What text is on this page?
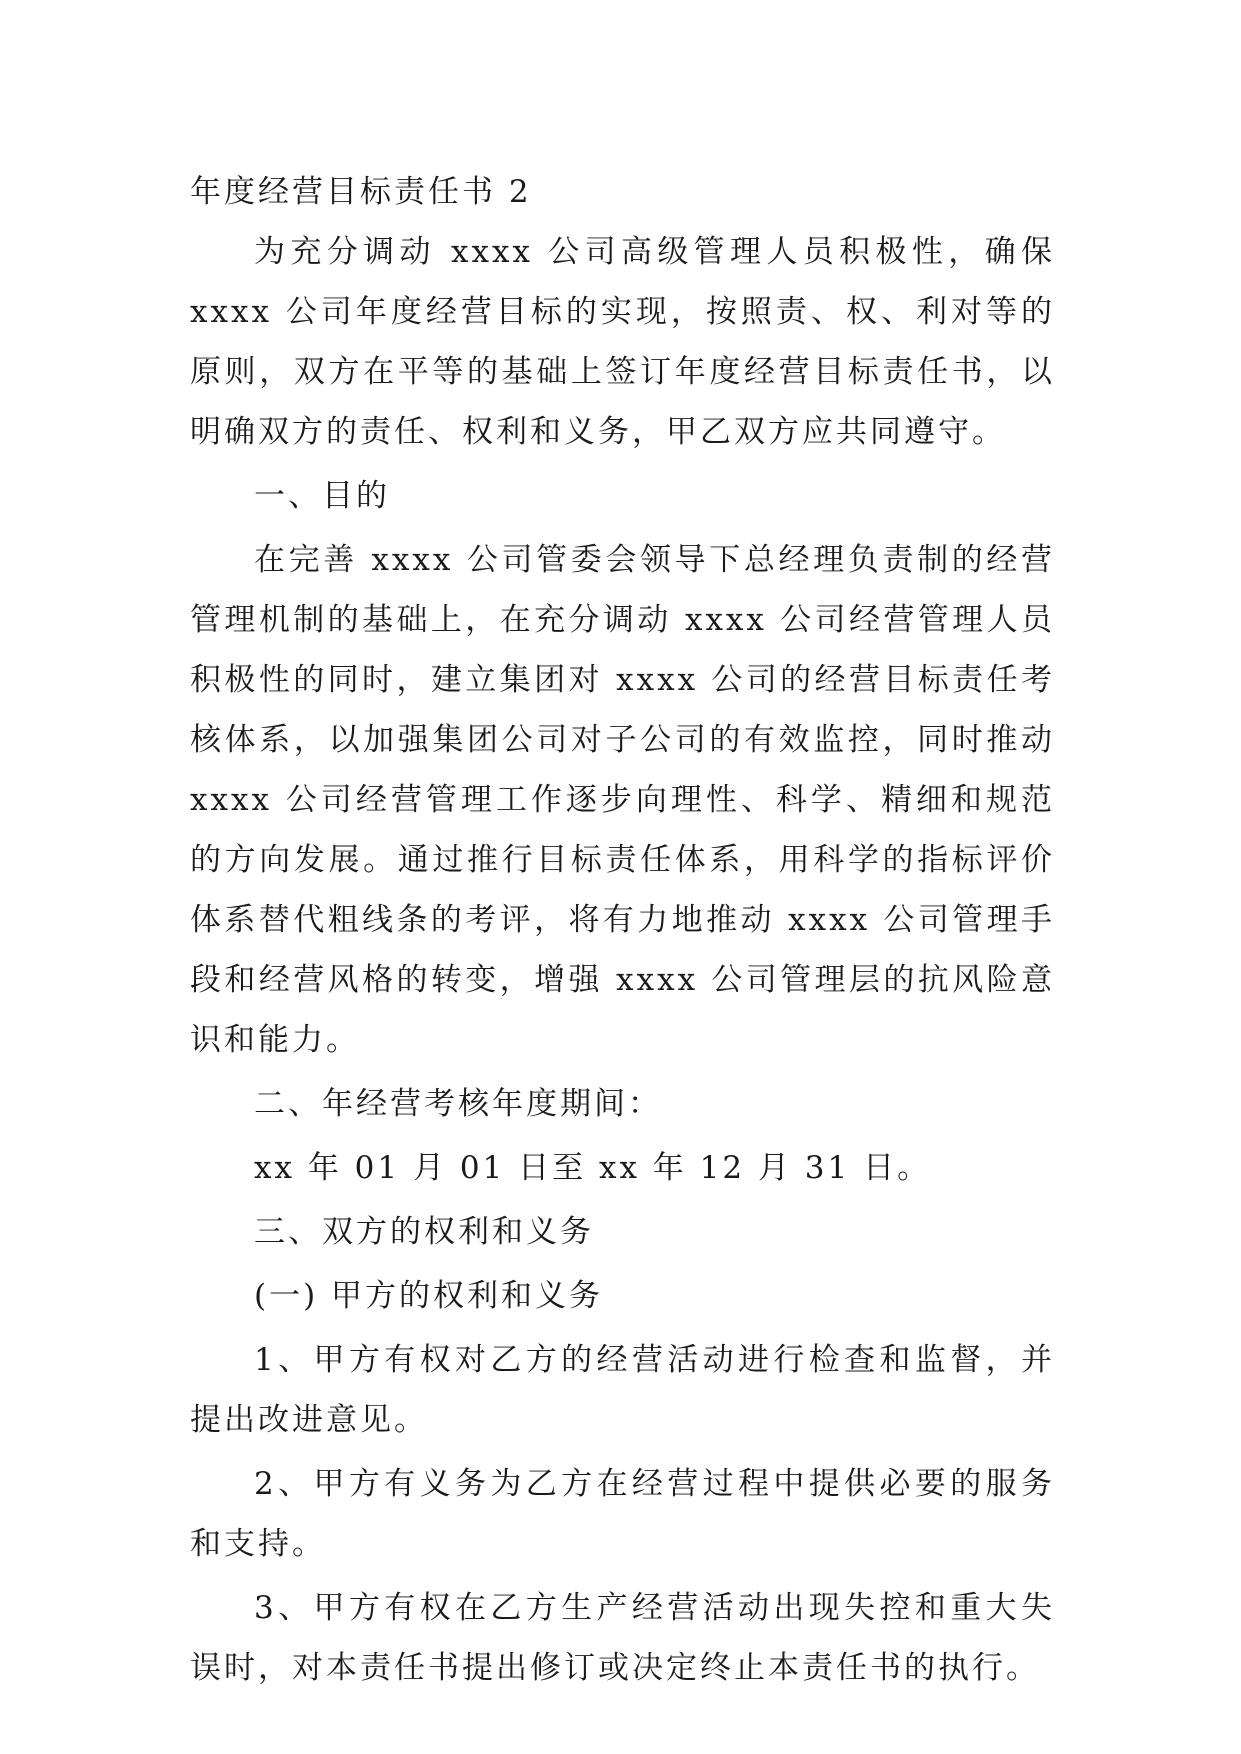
年度经营目标责任书 2

为充分调动 xxxx 公司高级管理人员积极性，确保 xxxx 公司年度经营目标的实现，按照责、权、利对等的原则，双方在平等的基础上签订年度经营目标责任书，以明确双方的责任、权利和义务，甲乙双方应共同遵守。

一、目的

在完善 xxxx 公司管委会领导下总经理负责制的经营管理机制的基础上，在充分调动 xxxx 公司经营管理人员积极性的同时，建立集团对 xxxx 公司的经营目标责任考核体系，以加强集团公司对子公司的有效监控，同时推动 xxxx 公司经营管理工作逐步向理性、科学、精细和规范的方向发展。通过推行目标责任体系，用科学的指标评价体系替代粗线条的考评，将有力地推动 xxxx 公司管理手段和经营风格的转变，增强 xxxx 公司管理层的抗风险意识和能力。

二、年经营考核年度期间：

xx 年 01 月 01 日至 xx 年 12 月 31 日。

三、双方的权利和义务

(一) 甲方的权利和义务

1、甲方有权对乙方的经营活动进行检查和监督，并提出改进意见。

2、甲方有义务为乙方在经营过程中提供必要的服务和支持。

3、甲方有权在乙方生产经营活动出现失控和重大失误时，对本责任书提出修订或决定终止本责任书的执行。
